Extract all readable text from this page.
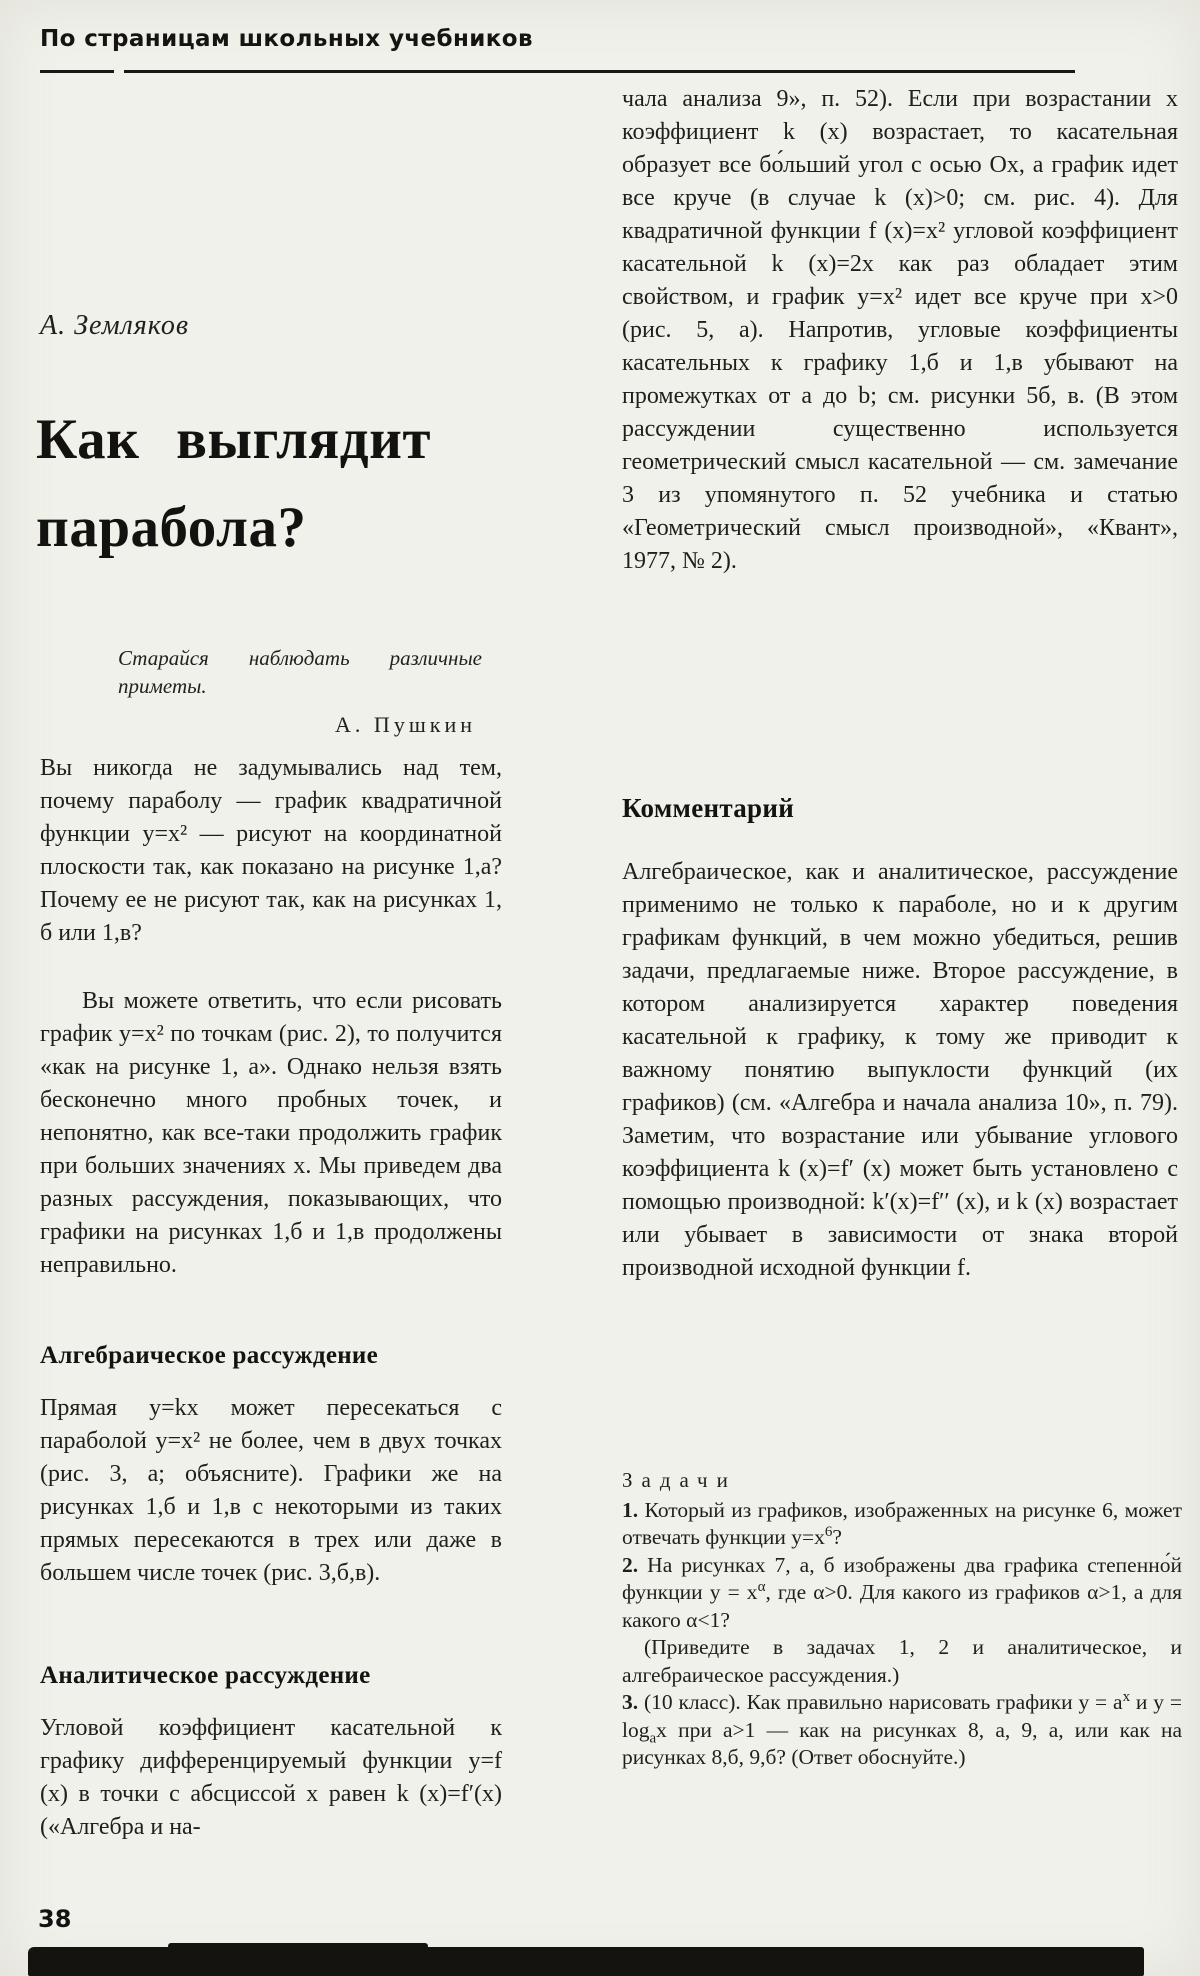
По страницам школьных учебников
А. Земляков
Как выглядит
парабола?
Старайся наблюдать различные приметы.
А. Пушкин

Вы никогда не задумывались над тем, почему параболу — график квадратичной функции y=x² — рисуют на координатной плоскости так, как показано на рисунке 1,а? Почему ее не рисуют так, как на рисунках 1, б или 1,в?

Вы можете ответить, что если рисовать график y=x² по точкам (рис. 2), то получится «как на рисунке 1, а». Однако нельзя взять бесконечно много пробных точек, и непонятно, как все-таки продолжить график при больших значениях x. Мы приведем два разных рассуждения, показывающих, что графики на рисунках 1,б и 1,в продолжены неправильно.

Алгебраическое рассуждение

Прямая y=kx может пересекаться с параболой y=x² не более, чем в двух точках (рис. 3, а; объясните). Графики же на рисунках 1,б и 1,в с некоторыми из таких прямых пересекаются в трех или даже в большем числе точек (рис. 3,б,в).

Аналитическое рассуждение

Угловой коэффициент касательной к графику дифференцируемый функции y=f (x) в точки с абсциссой x равен k (x)=f′(x) («Алгебра и на-

чала анализа 9», п. 52). Если при возрастании x коэффициент k (x) возрастает, то касательная образует все бо́льший угол с осью Ox, а график идет все круче (в случае k (x)>0; см. рис. 4). Для квадратичной функции f (x)=x² угловой коэффициент касательной k (x)=2x как раз обладает этим свойством, и график y=x² идет все круче при x>0 (рис. 5, а). Напротив, угловые коэффициенты касательных к графику 1,б и 1,в убывают на промежутках от a до b; см. рисунки 5б, в. (В этом рассуждении существенно используется геометрический смысл касательной — см. замечание 3 из упомянутого п. 52 учебника и статью «Геометрический смысл производной», «Квант», 1977, № 2).

Комментарий

Алгебраическое, как и аналитическое, рассуждение применимо не только к параболе, но и к другим графикам функций, в чем можно убедиться, решив задачи, предлагаемые ниже. Второе рассуждение, в котором анализируется характер поведения касательной к графику, к тому же приводит к важному понятию выпуклости функций (их графиков) (см. «Алгебра и начала анализа 10», п. 79). Заметим, что возрастание или убывание углового коэффициента k (x)=f′ (x) может быть установлено с помощью производной: k′(x)=f′′ (x), и k (x) возрастает или убывает в зависимости от знака второй производной исходной функции f.

Задачи

1. Который из графиков, изображенных на рисунке 6, может отвечать функции $y=x^6$?

2. На рисунках 7, а, б изображены два графика степенно́й функции $y = x^\alpha$, где α>0. Для какого из графиков α>1, а для какого α<1?

(Приведите в задачах 1, 2 и аналитическое, и алгебраическое рассуждения.)

3. (10 класс). Как правильно нарисовать графики $y = a^x$ и $y = \log_ax$ при a>1 — как на рисунках 8, а, 9, а, или как на рисунках 8,б, 9,б? (Ответ обоснуйте.)

38
